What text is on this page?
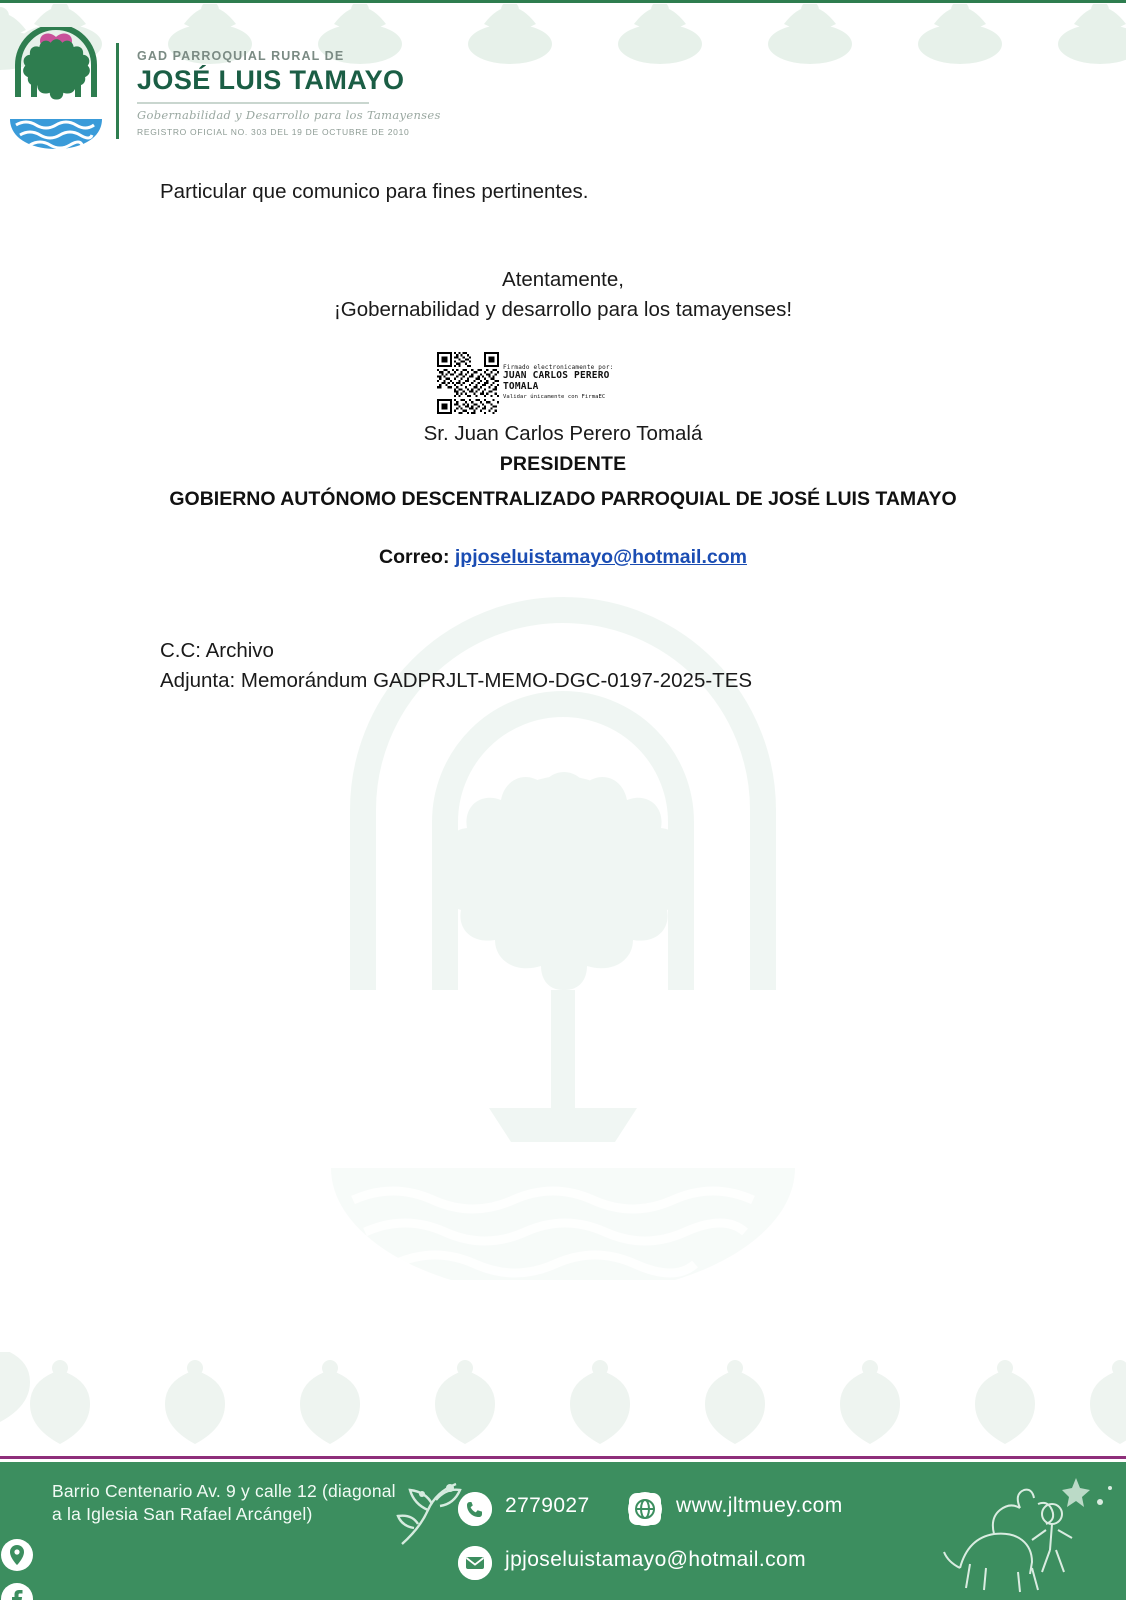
GAD PARROQUIAL RURAL DE
JOSÉ LUIS TAMAYO
Gobernabilidad y Desarrollo para los Tamayenses
REGISTRO OFICIAL NO. 303 DEL 19 DE OCTUBRE DE 2010
Particular que comunico para fines pertinentes.
Atentamente,
¡Gobernabilidad y desarrollo para los tamayenses!
Firmado electronicamente por:
JUAN CARLOS PERERO TOMALA
Validar únicamente con FirmaEC
Sr. Juan Carlos Perero Tomalá
PRESIDENTE
GOBIERNO AUTÓNOMO DESCENTRALIZADO PARROQUIAL DE JOSÉ LUIS TAMAYO
Correo: jpjoseluistamayo@hotmail.com
C.C: Archivo
Adjunta: Memorándum GADPRJLT-MEMO-DGC-0197-2025-TES
Barrio Centenario Av. 9 y calle 12 (diagonal a la Iglesia San Rafael Arcángel)	2779027	www.jltmuey.com
jpjoseluistamayo@hotmail.com
